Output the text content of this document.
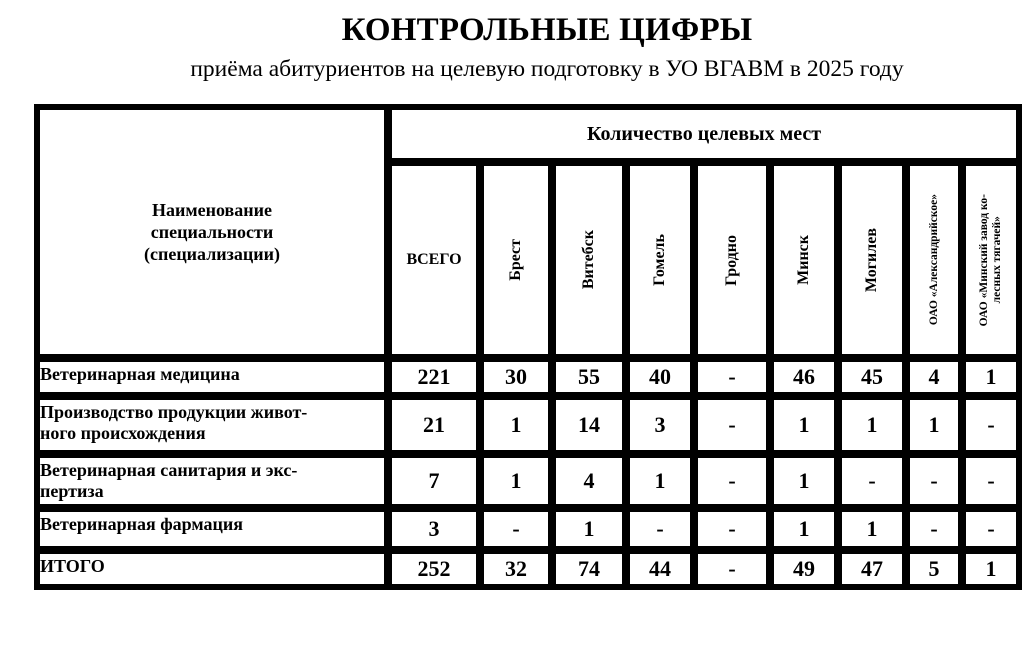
КОНТРОЛЬНЫЕ ЦИФРЫ
приёма абитуриентов на целевую подготовку в УО ВГАВМ в 2025 году
Наименование
специальности
(специализации)
Количество целевых мест
ВСЕГО	Брест	Витебск	Гомель	Гродно	Минск	Могилев	ОАО «Александрийское»	ОАО «Минский завод ко-
лесных тягачей»
Ветеринарная медицина	221	30	55	40	-	46	45	4	1
Производство продукции живот-
ного происхождения	21	1	14	3	-	1	1	1	-
Ветеринарная санитария и экс-
пертиза	7	1	4	1	-	1	-	-	-
Ветеринарная фармация	3	-	1	-	-	1	1	-	-
ИТОГО	252	32	74	44	-	49	47	5	1
